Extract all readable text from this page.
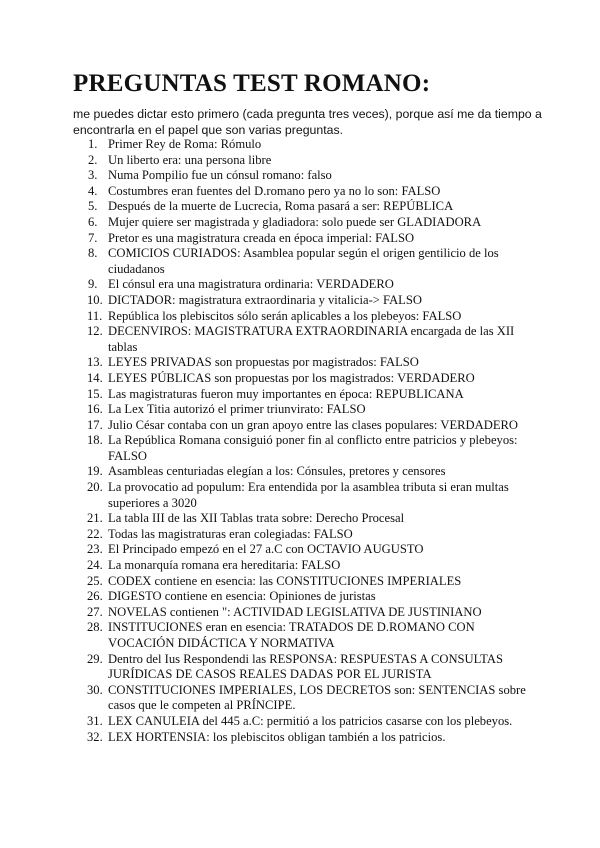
PREGUNTAS TEST ROMANO:

me puedes dictar esto primero (cada pregunta tres veces), porque así me da tiempo a encontrarla en el papel que son varias preguntas.

1. Primer Rey de Roma: Rómulo
2. Un liberto era: una persona libre
3. Numa Pompilio fue un cónsul romano: falso
4. Costumbres eran fuentes del D.romano pero ya no lo son: FALSO
5. Después de la muerte de Lucrecia, Roma pasará a ser: REPÚBLICA
6. Mujer quiere ser magistrada y gladiadora: solo puede ser GLADIADORA
7. Pretor es una magistratura creada en época imperial: FALSO
8. COMICIOS CURIADOS: Asamblea popular según el origen gentilicio de los ciudadanos
9. El cónsul era una magistratura ordinaria: VERDADERO
10. DICTADOR: magistratura extraordinaria y vitalicia-> FALSO
11. República los plebiscitos sólo serán aplicables a los plebeyos: FALSO
12. DECENVIROS: MAGISTRATURA EXTRAORDINARIA encargada de las XII tablas
13. LEYES PRIVADAS son propuestas por magistrados: FALSO
14. LEYES PÚBLICAS son propuestas por los magistrados: VERDADERO
15. Las magistraturas fueron muy importantes en época: REPUBLICANA
16. La Lex Titia autorizó el primer triunvirato: FALSO
17. Julio César contaba con un gran apoyo entre las clases populares: VERDADERO
18. La República Romana consiguió poner fin al conflicto entre patricios y plebeyos: FALSO
19. Asambleas centuriadas elegían a los: Cónsules, pretores y censores
20. La provocatio ad populum: Era entendida por la asamblea tributa si eran multas superiores a 3020
21. La tabla III de las XII Tablas trata sobre: Derecho Procesal
22. Todas las magistraturas eran colegiadas: FALSO
23. El Principado empezó en el 27 a.C con OCTAVIO AUGUSTO
24. La monarquía romana era hereditaria: FALSO
25. CODEX contiene en esencia: las CONSTITUCIONES IMPERIALES
26. DIGESTO contiene en esencia: Opiniones de juristas
27. NOVELAS contienen ": ACTIVIDAD LEGISLATIVA DE JUSTINIANO
28. INSTITUCIONES eran en esencia: TRATADOS DE D.ROMANO CON VOCACIÓN DIDÁCTICA Y NORMATIVA
29. Dentro del Ius Respondendi las RESPONSA: RESPUESTAS A CONSULTAS JURÍDICAS DE CASOS REALES DADAS POR EL JURISTA
30. CONSTITUCIONES IMPERIALES, LOS DECRETOS son: SENTENCIAS sobre casos que le competen al PRÍNCIPE.
31. LEX CANULEIA del 445 a.C: permitió a los patricios casarse con los plebeyos.
32. LEX HORTENSIA: los plebiscitos obligan también a los patricios.
